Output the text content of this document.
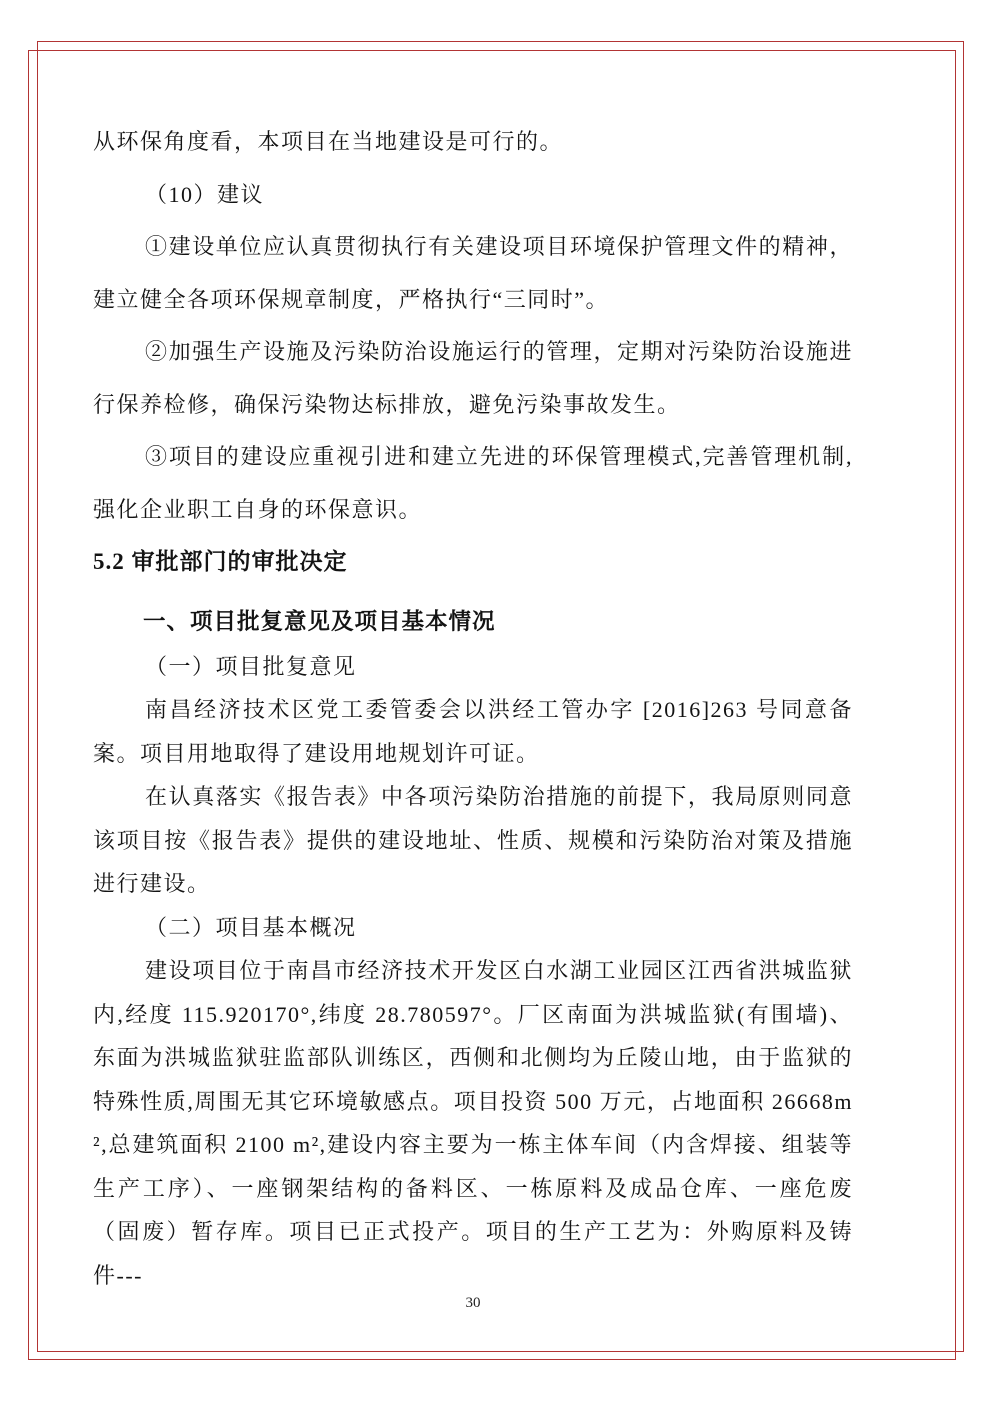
从环保角度看，本项目在当地建设是可行的。

（10）建议

①建设单位应认真贯彻执行有关建设项目环境保护管理文件的精神，建立健全各项环保规章制度，严格执行“三同时”。

②加强生产设施及污染防治设施运行的管理，定期对污染防治设施进行保养检修，确保污染物达标排放，避免污染事故发生。

③项目的建设应重视引进和建立先进的环保管理模式,完善管理机制,强化企业职工自身的环保意识。

5.2 审批部门的审批决定
一、项目批复意见及项目基本情况

（一）项目批复意见

南昌经济技术区党工委管委会以洪经工管办字 [2016]263 号同意备案。项目用地取得了建设用地规划许可证。

在认真落实《报告表》中各项污染防治措施的前提下，我局原则同意该项目按《报告表》提供的建设地址、性质、规模和污染防治对策及措施进行建设。

（二）项目基本概况

建设项目位于南昌市经济技术开发区白水湖工业园区江西省洪城监狱内,经度 115.920170°,纬度 28.780597°。厂区南面为洪城监狱(有围墙)、东面为洪城监狱驻监部队训练区，西侧和北侧均为丘陵山地，由于监狱的特殊性质,周围无其它环境敏感点。项目投资 500 万元，占地面积 26668m²,总建筑面积 2100 m²,建设内容主要为一栋主体车间（内含焊接、组装等生产工序）、一座钢架结构的备料区、一栋原料及成品仓库、一座危废（固废）暂存库。项目已正式投产。项目的生产工艺为：外购原料及铸件---

30
